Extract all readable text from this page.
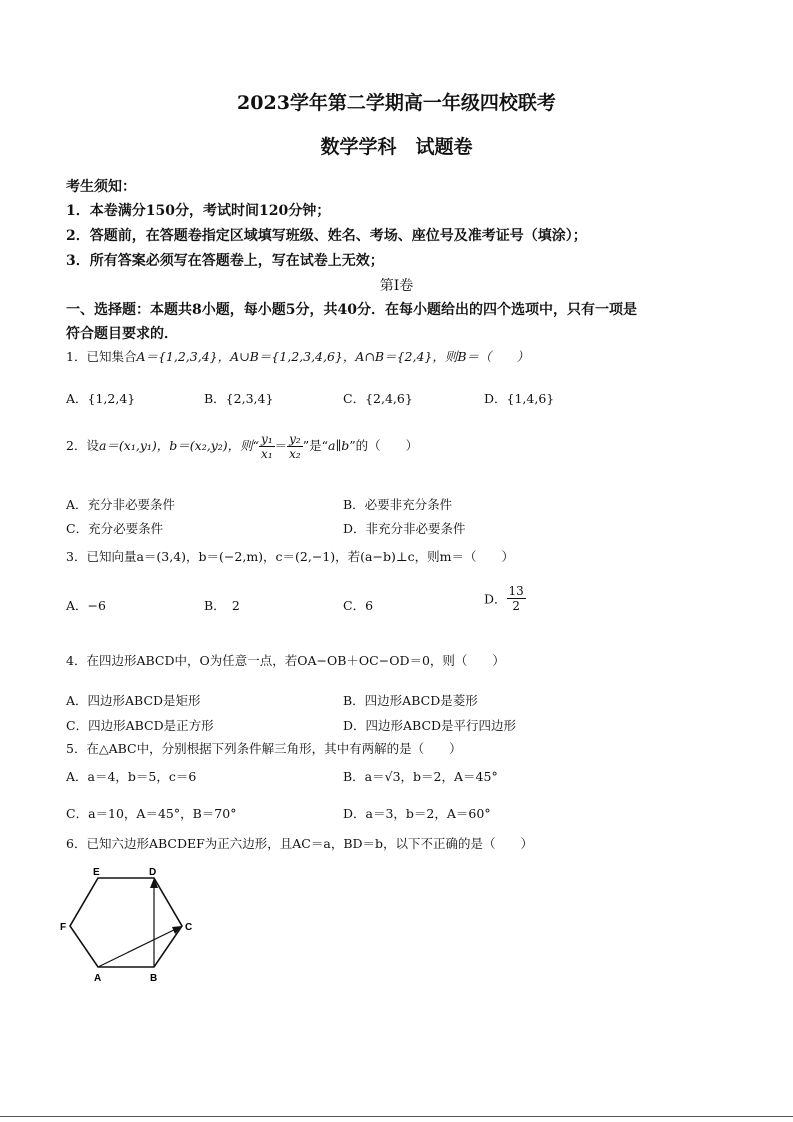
2023学年第二学期高一年级四校联考
数学学科　试题卷
考生须知：
1．本卷满分150分，考试时间120分钟；
2．答题前，在答题卷指定区域填写班级、姓名、考场、座位号及准考证号（填涂）；
3．所有答案必须写在答题卷上，写在试卷上无效；
第Ⅰ卷
一、选择题：本题共8小题，每小题5分，共40分．在每小题给出的四个选项中，只有一项是
符合题目要求的．
1．已知集合A＝{1,2,3,4}，A∪B＝{1,2,3,4,6}，A∩B＝{2,4}，则B＝（　　）
A．{1,2,4}	B．{2,3,4}	C．{2,4,6}	D．{1,4,6}
2．设a＝(x₁,y₁)，b＝(x₂,y₂)，则“ $\frac{\text{y₁}}{\text{x₁}} = \frac{\text{y₂}}{\text{x₂}}$ ”是“a∥b”的（　　）
A．充分非必要条件	B．必要非充分条件
C．充分必要条件	D．非充分非必要条件
3．已知向量a＝(3,4)，b＝(−2,m)，c＝(2,−1)，若(a−b)⊥c，则m＝（　　）
A．−6	B．　2	C．6	D． $\frac{13}{2}$
4．在四边形ABCD中，O为任意一点，若OA−OB＋OC−OD＝0，则（　　）
A．四边形ABCD是矩形	B．四边形ABCD是菱形
C．四边形ABCD是正方形	D．四边形ABCD是平行四边形
5．在△ABC中，分别根据下列条件解三角形，其中有两解的是（　　）
A．a＝4，b＝5，c＝6	B．a＝√3，b＝2，A＝45°
C．a＝10，A＝45°，B＝70°	D．a＝3，b＝2，A＝60°
6．已知六边形ABCDEF为正六边形，且AC＝a，BD＝b，以下不正确的是（　　）
E	D
F	C
A	B
